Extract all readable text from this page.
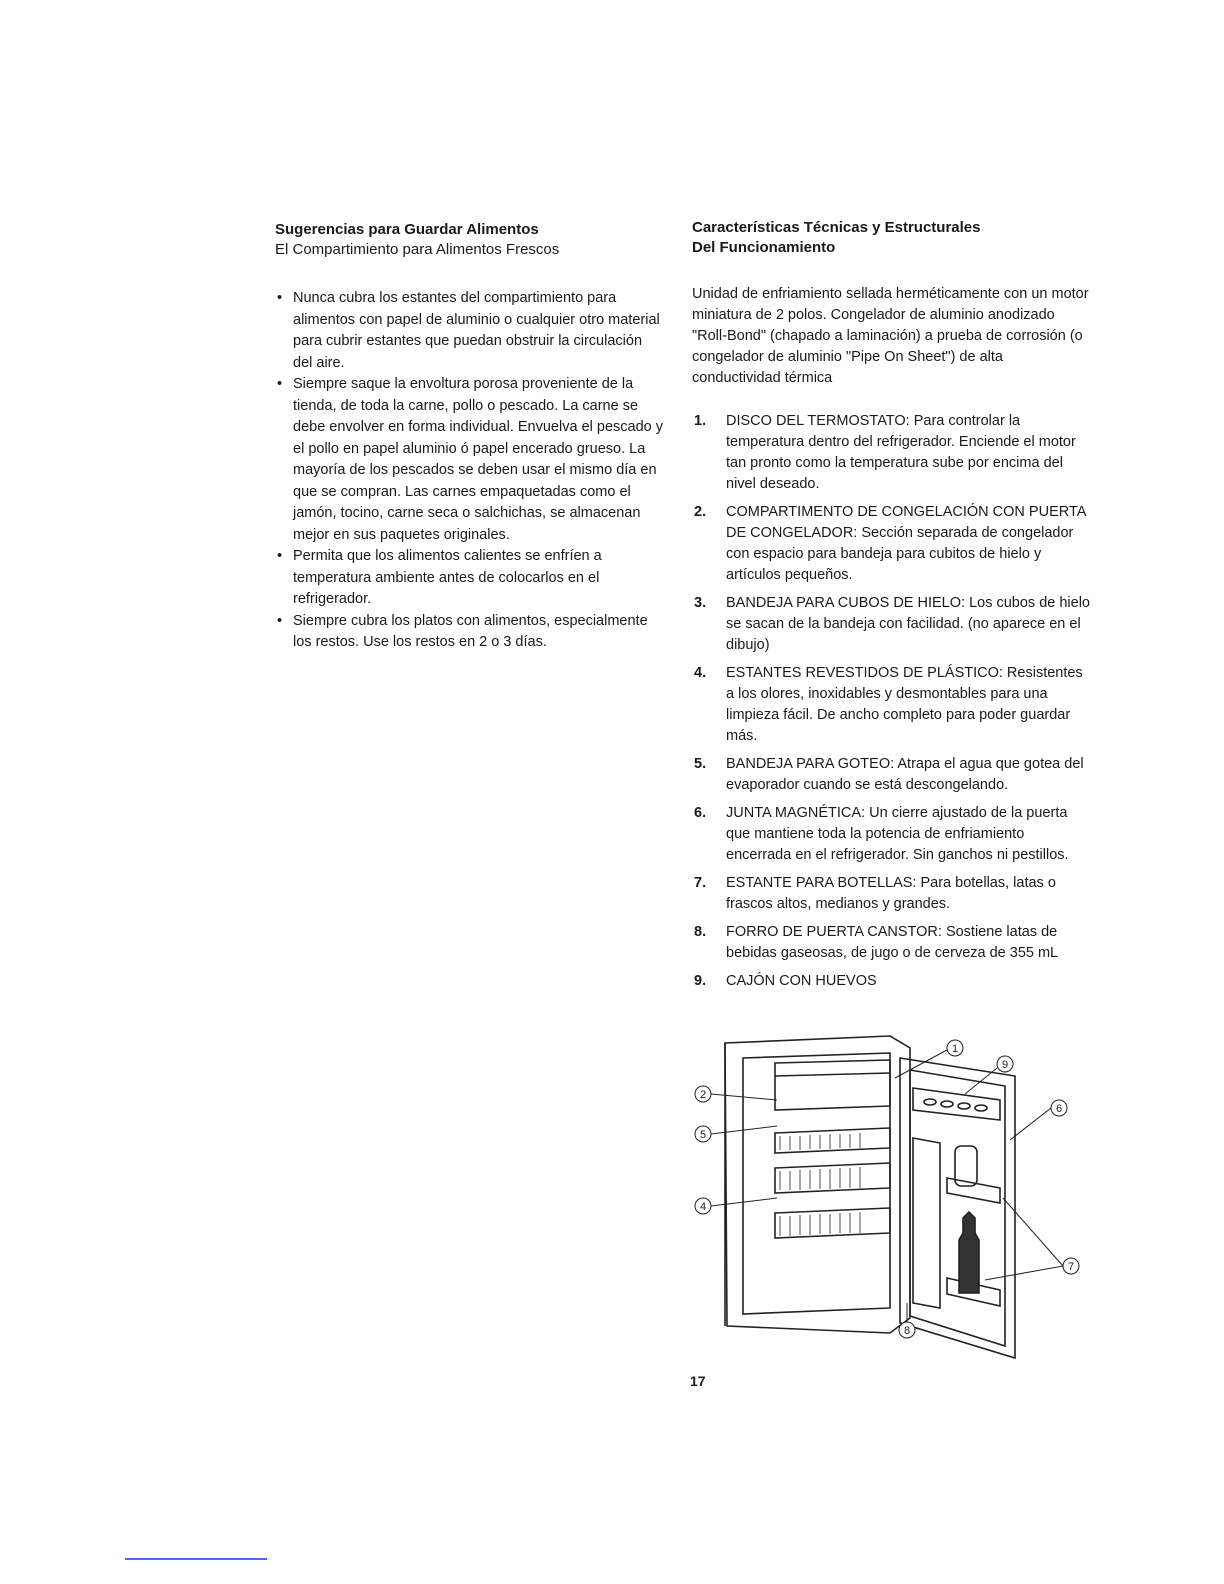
Sugerencias para Guardar Alimentos
El Compartimiento para Alimentos Frescos
• Nunca cubra los estantes del compartimiento para alimentos con papel de aluminio o cualquier otro material para cubrir estantes que puedan obstruir la circulación del aire.
• Siempre saque la envoltura porosa proveniente de la tienda, de toda la carne, pollo o pescado. La carne se debe envolver en forma individual. Envuelva el pescado y el pollo en papel aluminio ó papel encerado grueso. La mayoría de los pescados se deben usar el mismo día en que se compran. Las carnes empaquetadas como el jamón, tocino, carne seca o salchichas, se almacenan mejor en sus paquetes originales.
• Permita que los alimentos calientes se enfríen a temperatura ambiente antes de colocarlos en el refrigerador.
• Siempre cubra los platos con alimentos, especialmente los restos. Use los restos en 2 o 3 días.
Características Técnicas y Estructurales
Del Funcionamiento
Unidad de enfriamiento sellada herméticamente con un motor miniatura de 2 polos. Congelador de aluminio anodizado "Roll-Bond" (chapado a laminación) a prueba de corrosión (o congelador de aluminio "Pipe On Sheet") de alta conductividad térmica
1. DISCO DEL TERMOSTATO: Para controlar la temperatura dentro del refrigerador. Enciende el motor tan pronto como la temperatura sube por encima del nivel deseado.
2. COMPARTIMENTO DE CONGELACIÓN CON PUERTA DE CONGELADOR: Sección separada de congelador con espacio para bandeja para cubitos de hielo y artículos pequeños.
3. BANDEJA PARA CUBOS DE HIELO: Los cubos de hielo se sacan de la bandeja con facilidad. (no aparece en el dibujo)
4. ESTANTES REVESTIDOS DE PLÁSTICO: Resistentes a los olores, inoxidables y desmontables para una limpieza fácil. De ancho completo para poder guardar más.
5. BANDEJA PARA GOTEO: Atrapa el agua que gotea del evaporador cuando se está descongelando.
6. JUNTA MAGNÉTICA: Un cierre ajustado de la puerta que mantiene toda la potencia de enfriamiento encerrada en el refrigerador. Sin ganchos ni pestillos.
7. ESTANTE PARA BOTELLAS: Para botellas, latas o frascos altos, medianos y grandes.
8. FORRO DE PUERTA CANSTOR: Sostiene latas de bebidas gaseosas, de jugo o de cerveza de 355 mL
9. CAJÓN CON HUEVOS
1
9
2
6
5
4
7
8
17
